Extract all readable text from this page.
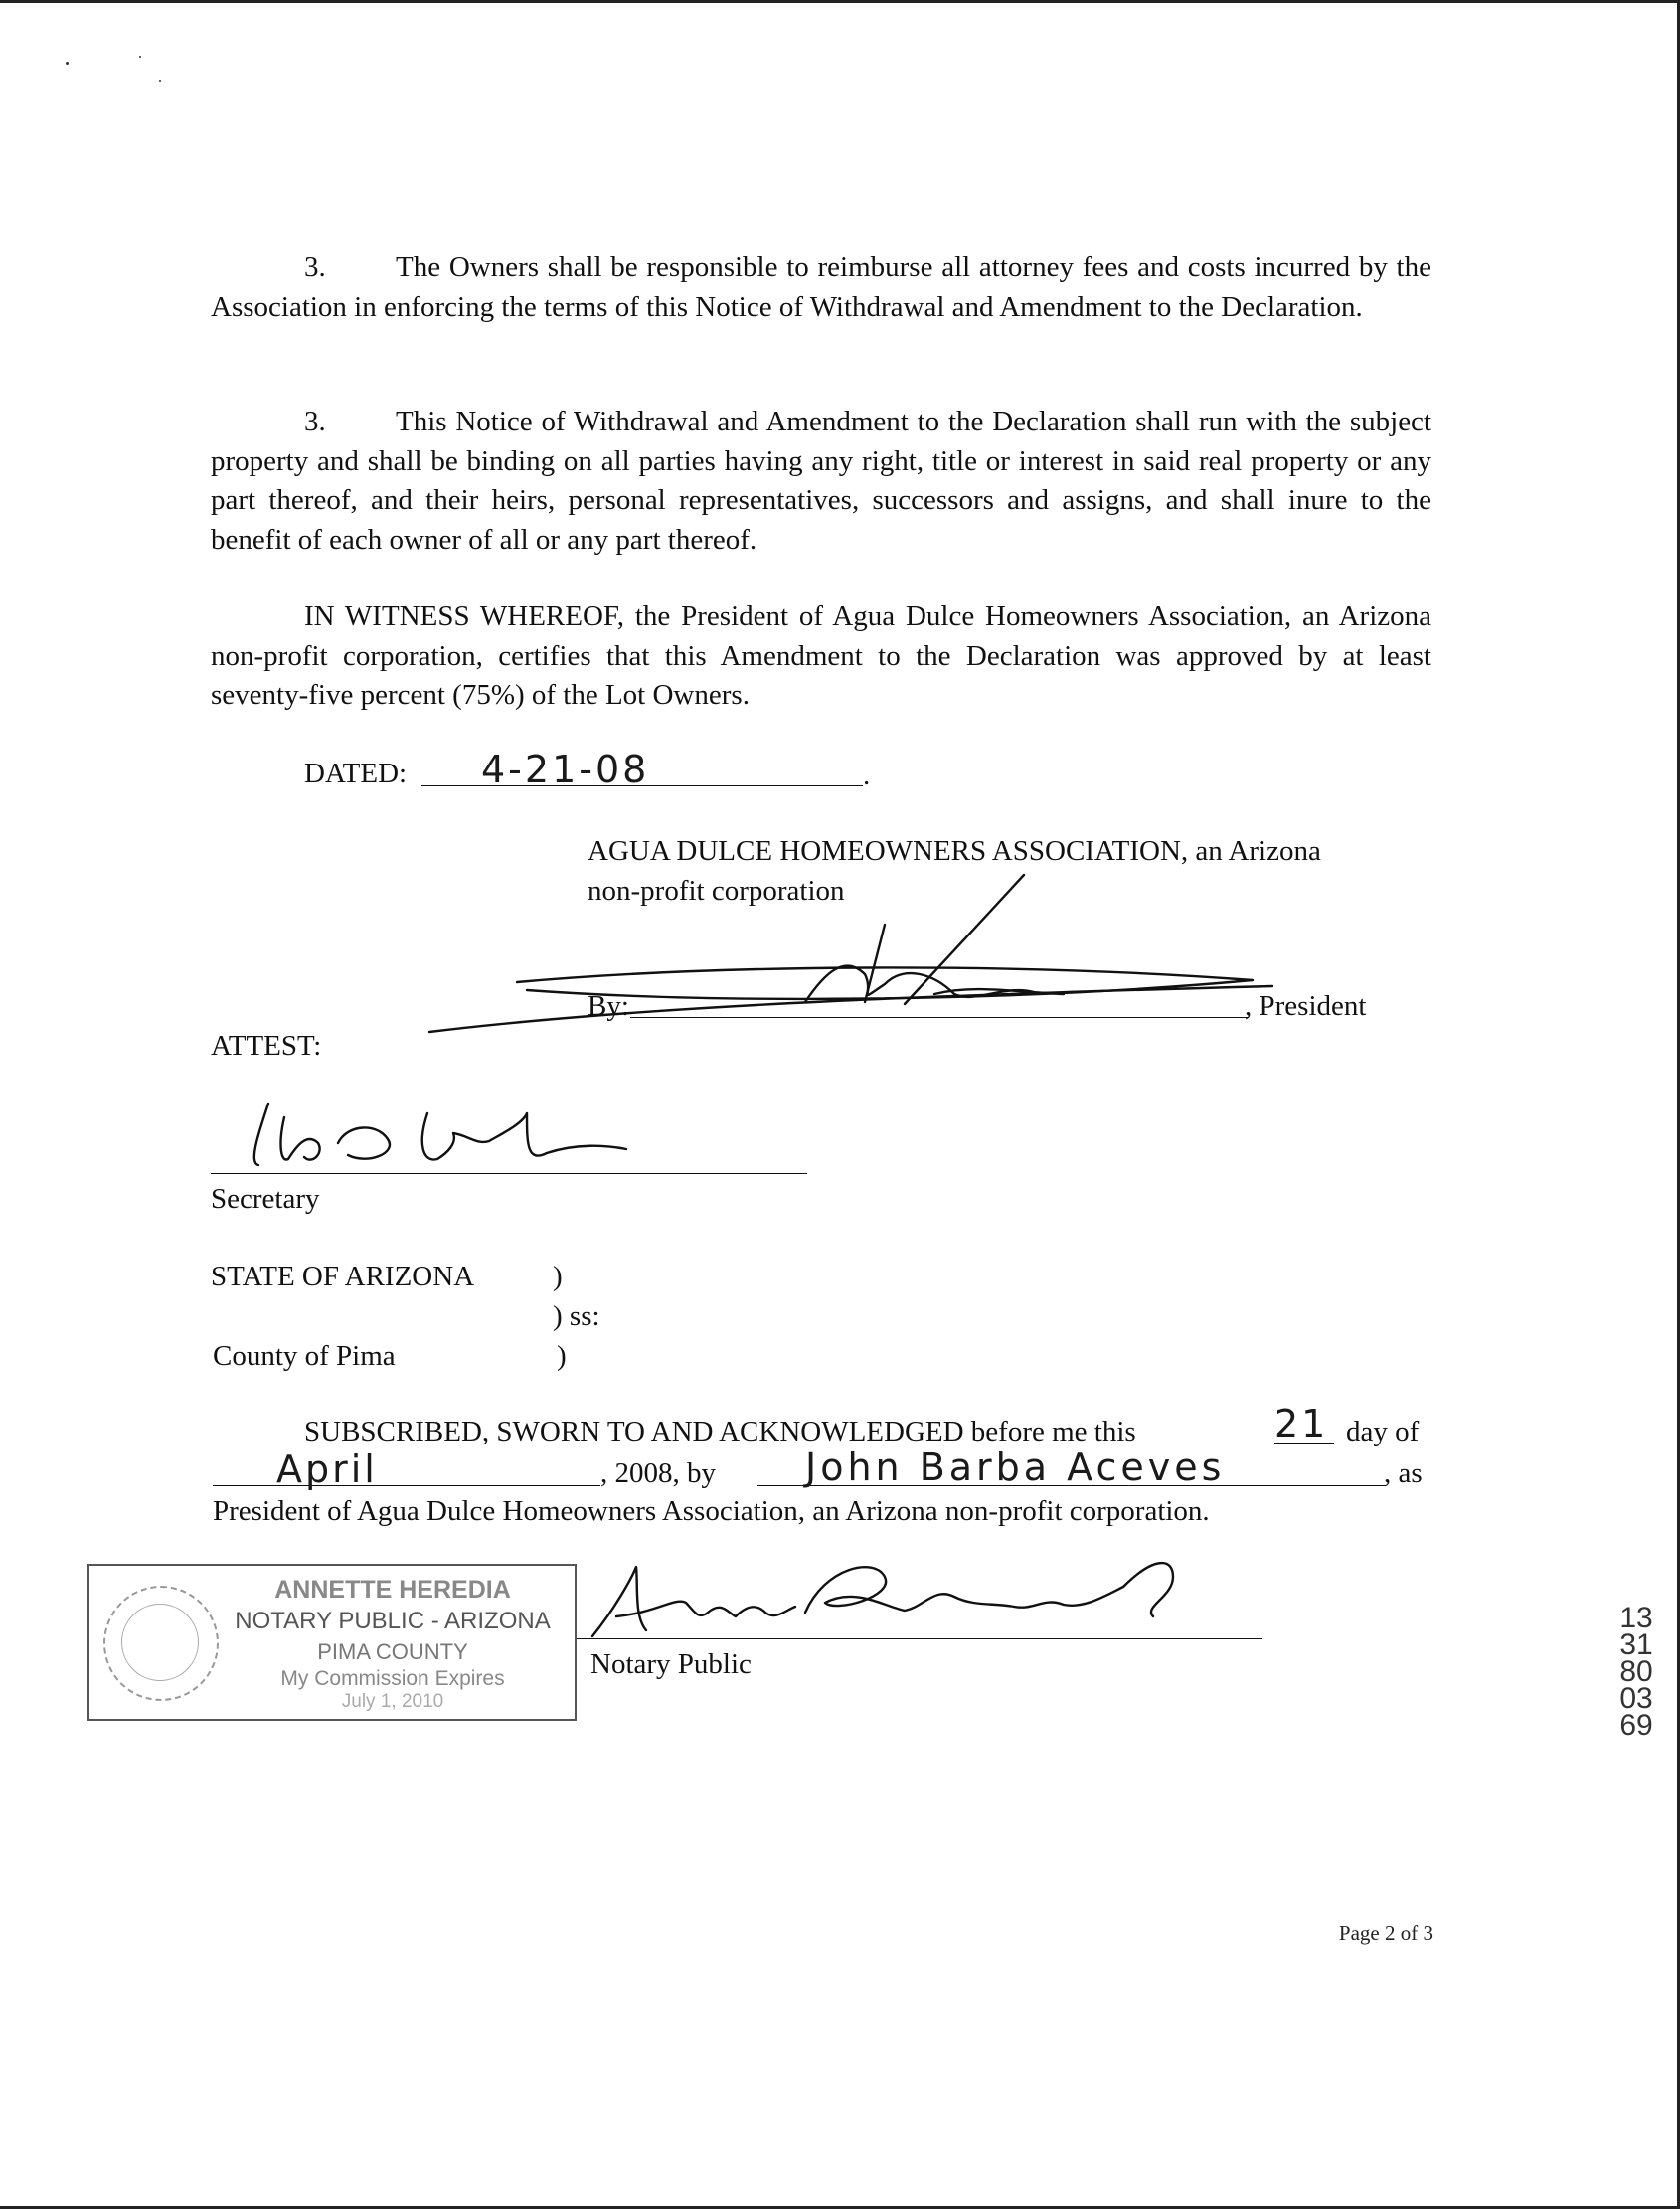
3. The Owners shall be responsible to reimburse all attorney fees and costs incurred by the Association in enforcing the terms of this Notice of Withdrawal and Amendment to the Declaration.
3. This Notice of Withdrawal and Amendment to the Declaration shall run with the subject property and shall be binding on all parties having any right, title or interest in said real property or any part thereof, and their heirs, personal representatives, successors and assigns, and shall inure to the benefit of each owner of all or any part thereof.
IN WITNESS WHEREOF, the President of Agua Dulce Homeowners Association, an Arizona non-profit corporation, certifies that this Amendment to the Declaration was approved by at least seventy-five percent (75%) of the Lot Owners.
DATED:	.
4-21-08
AGUA DULCE HOMEOWNERS ASSOCIATION, an Arizona
non-profit corporation
By:	, President
ATTEST:
Secretary
STATE OF ARIZONA	)
) ss:
County of Pima	)
SUBSCRIBED, SWORN TO AND ACKNOWLEDGED before me this	21 day of
April	, 2008, by John Barba Aceves	, as
President of Agua Dulce Homeowners Association, an Arizona non-profit corporation.
ANNETTE HEREDIA
NOTARY PUBLIC - ARIZONA
PIMA COUNTY
My Commission Expires
July 1, 2010
Notary Public
1331800369
Page 2 of 3
